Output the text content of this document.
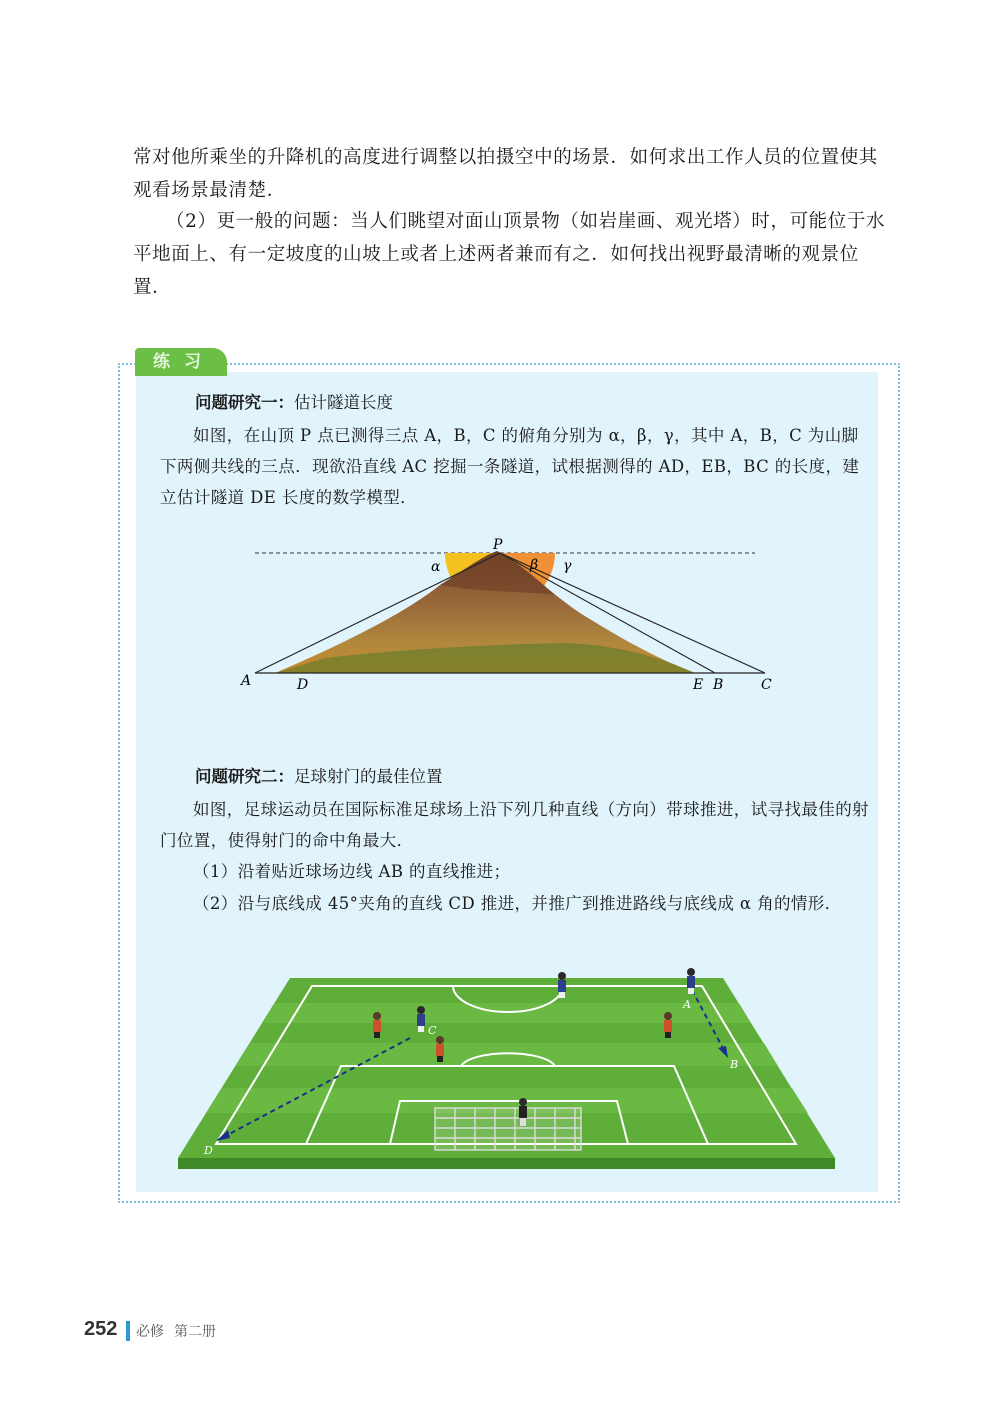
常对他所乘坐的升降机的高度进行调整以拍摄空中的场景．如何求出工作人员的位置使其观看场景最清楚．

（2）更一般的问题：当人们眺望对面山顶景物（如岩崖画、观光塔）时，可能位于水平地面上、有一定坡度的山坡上或者上述两者兼而有之．如何找出视野最清晰的观景位置．

练习

问题研究一：估计隧道长度

如图，在山顶 P 点已测得三点 A，B，C 的俯角分别为 α，β，γ，其中 A，B，C 为山脚下两侧共线的三点．现欲沿直线 AC 挖掘一条隧道，试根据测得的 AD，EB，BC 的长度，建立估计隧道 DE 长度的数学模型．

P
α	β γ
A	D	E B	C

问题研究二：足球射门的最佳位置

如图，足球运动员在国际标准足球场上沿下列几种直线（方向）带球推进，试寻找最佳的射门位置，使得射门的命中角最大．

（1）沿着贴近球场边线 AB 的直线推进；

（2）沿与底线成 45°夹角的直线 CD 推进，并推广到推进路线与底线成 α 角的情形．

A
B
C
D
252 必修 第二册
